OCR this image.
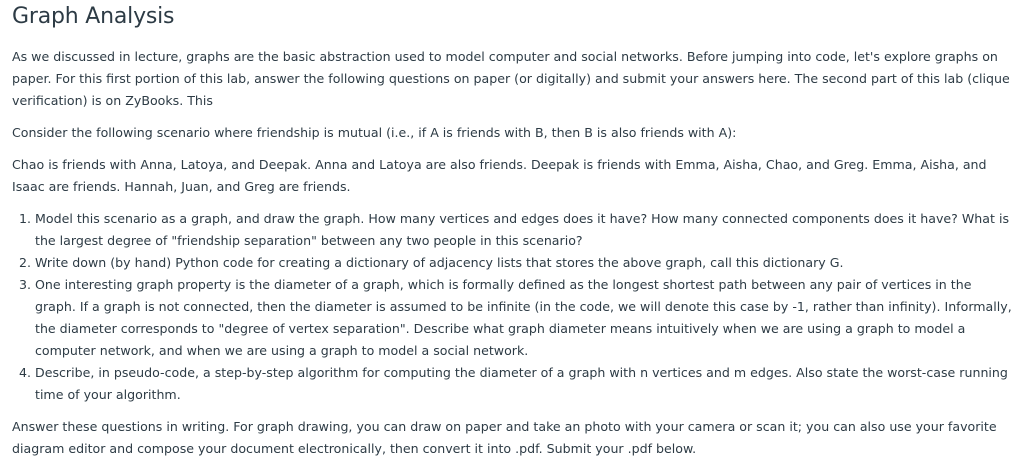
Graph Analysis

As we discussed in lecture, graphs are the basic abstraction used to model computer and social networks. Before jumping into code, let's explore graphs on paper. For this first portion of this lab, answer the following questions on paper (or digitally) and submit your answers here. The second part of this lab (clique verification) is on ZyBooks. This

Consider the following scenario where friendship is mutual (i.e., if A is friends with B, then B is also friends with A):

Chao is friends with Anna, Latoya, and Deepak. Anna and Latoya are also friends. Deepak is friends with Emma, Aisha, Chao, and Greg. Emma, Aisha, and Isaac are friends. Hannah, Juan, and Greg are friends.

1. Model this scenario as a graph, and draw the graph. How many vertices and edges does it have? How many connected components does it have? What is the largest degree of "friendship separation" between any two people in this scenario?
2. Write down (by hand) Python code for creating a dictionary of adjacency lists that stores the above graph, call this dictionary G.
3. One interesting graph property is the diameter of a graph, which is formally defined as the longest shortest path between any pair of vertices in the graph. If a graph is not connected, then the diameter is assumed to be infinite (in the code, we will denote this case by -1, rather than infinity). Informally, the diameter corresponds to "degree of vertex separation". Describe what graph diameter means intuitively when we are using a graph to model a computer network, and when we are using a graph to model a social network.
4. Describe, in pseudo-code, a step-by-step algorithm for computing the diameter of a graph with n vertices and m edges. Also state the worst-case running time of your algorithm.

Answer these questions in writing. For graph drawing, you can draw on paper and take an photo with your camera or scan it; you can also use your favorite diagram editor and compose your document electronically, then convert it into .pdf. Submit your .pdf below.
